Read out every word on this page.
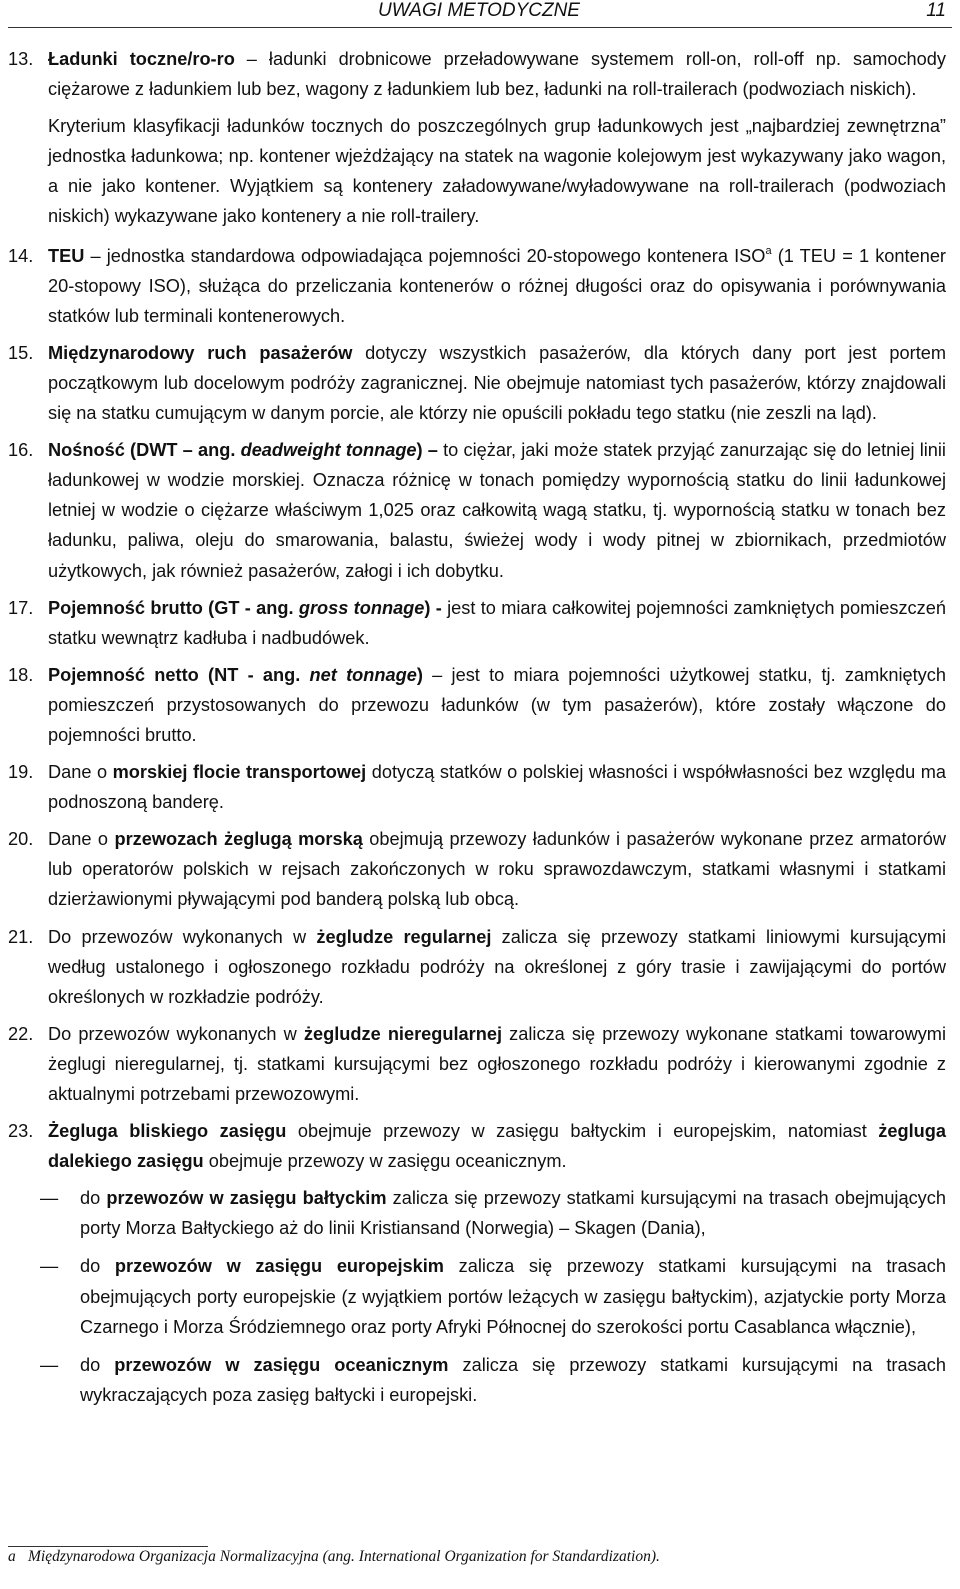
UWAGI METODYCZNE	11
13. Ładunki toczne/ro-ro – ładunki drobnicowe przeładowywane systemem roll-on, roll-off np. samochody ciężarowe z ładunkiem lub bez, wagony z ładunkiem lub bez, ładunki na roll-trailerach (podwoziach niskich).
Kryterium klasyfikacji ładunków tocznych do poszczególnych grup ładunkowych jest „najbardziej zewnętrzna” jednostka ładunkowa; np. kontener wjeżdżający na statek na wagonie kolejowym jest wykazywany jako wagon, a nie jako kontener. Wyjątkiem są kontenery załadowywane/wyładowywane na roll-trailerach (podwoziach niskich) wykazywane jako kontenery a nie roll-trailery.
14. TEU – jednostka standardowa odpowiadająca pojemności 20-stopowego kontenera ISO$^a$ (1 TEU = 1 kontener 20-stopowy ISO), służąca do przeliczania kontenerów o różnej długości oraz do opisywania i porównywania statków lub terminali kontenerowych.
15. Międzynarodowy ruch pasażerów dotyczy wszystkich pasażerów, dla których dany port jest portem początkowym lub docelowym podróży zagranicznej. Nie obejmuje natomiast tych pasażerów, którzy znajdowali się na statku cumującym w danym porcie, ale którzy nie opuścili pokładu tego statku (nie zeszli na ląd).
16. Nośność (DWT – ang. deadweight tonnage) – to ciężar, jaki może statek przyjąć zanurzając się do letniej linii ładunkowej w wodzie morskiej. Oznacza różnicę w tonach pomiędzy wypornością statku do linii ładunkowej letniej w wodzie o ciężarze właściwym 1,025 oraz całkowitą wagą statku, tj. wypornością statku w tonach bez ładunku, paliwa, oleju do smarowania, balastu, świeżej wody i wody pitnej w zbiornikach, przedmiotów użytkowych, jak również pasażerów, załogi i ich dobytku.
17. Pojemność brutto (GT - ang. gross tonnage) - jest to miara całkowitej pojemności zamkniętych pomieszczeń statku wewnątrz kadłuba i nadbudówek.
18. Pojemność netto (NT - ang. net tonnage) – jest to miara pojemności użytkowej statku, tj. zamkniętych pomieszczeń przystosowanych do przewozu ładunków (w tym pasażerów), które zostały włączone do pojemności brutto.
19. Dane o morskiej flocie transportowej dotyczą statków o polskiej własności i współwłasności bez względu ma podnoszoną banderę.
20. Dane o przewozach żeglugą morską obejmują przewozy ładunków i pasażerów wykonane przez armatorów lub operatorów polskich w rejsach zakończonych w roku sprawozdawczym, statkami własnymi i statkami dzierżawionymi pływającymi pod banderą polską lub obcą.
21. Do przewozów wykonanych w żegludze regularnej zalicza się przewozy statkami liniowymi kursującymi według ustalonego i ogłoszonego rozkładu podróży na określonej z góry trasie i zawijającymi do portów określonych w rozkładzie podróży.
22. Do przewozów wykonanych w żegludze nieregularnej zalicza się przewozy wykonane statkami towarowymi żeglugi nieregularnej, tj. statkami kursującymi bez ogłoszonego rozkładu podróży i kierowanymi zgodnie z aktualnymi potrzebami przewozowymi.
23. Żegluga bliskiego zasięgu obejmuje przewozy w zasięgu bałtyckim i europejskim, natomiast żegluga dalekiego zasięgu obejmuje przewozy w zasięgu oceanicznym.
— do przewozów w zasięgu bałtyckim zalicza się przewozy statkami kursującymi na trasach obejmujących porty Morza Bałtyckiego aż do linii Kristiansand (Norwegia) – Skagen (Dania),
— do przewozów w zasięgu europejskim zalicza się przewozy statkami kursującymi na trasach obejmujących porty europejskie (z wyjątkiem portów leżących w zasięgu bałtyckim), azjatyckie porty Morza Czarnego i Morza Śródziemnego oraz porty Afryki Północnej do szerokości portu Casablanca włącznie),
— do przewozów w zasięgu oceanicznym zalicza się przewozy statkami kursującymi na trasach wykraczających poza zasięg bałtycki i europejski.
a Międzynarodowa Organizacja Normalizacyjna (ang. International Organization for Standardization).
